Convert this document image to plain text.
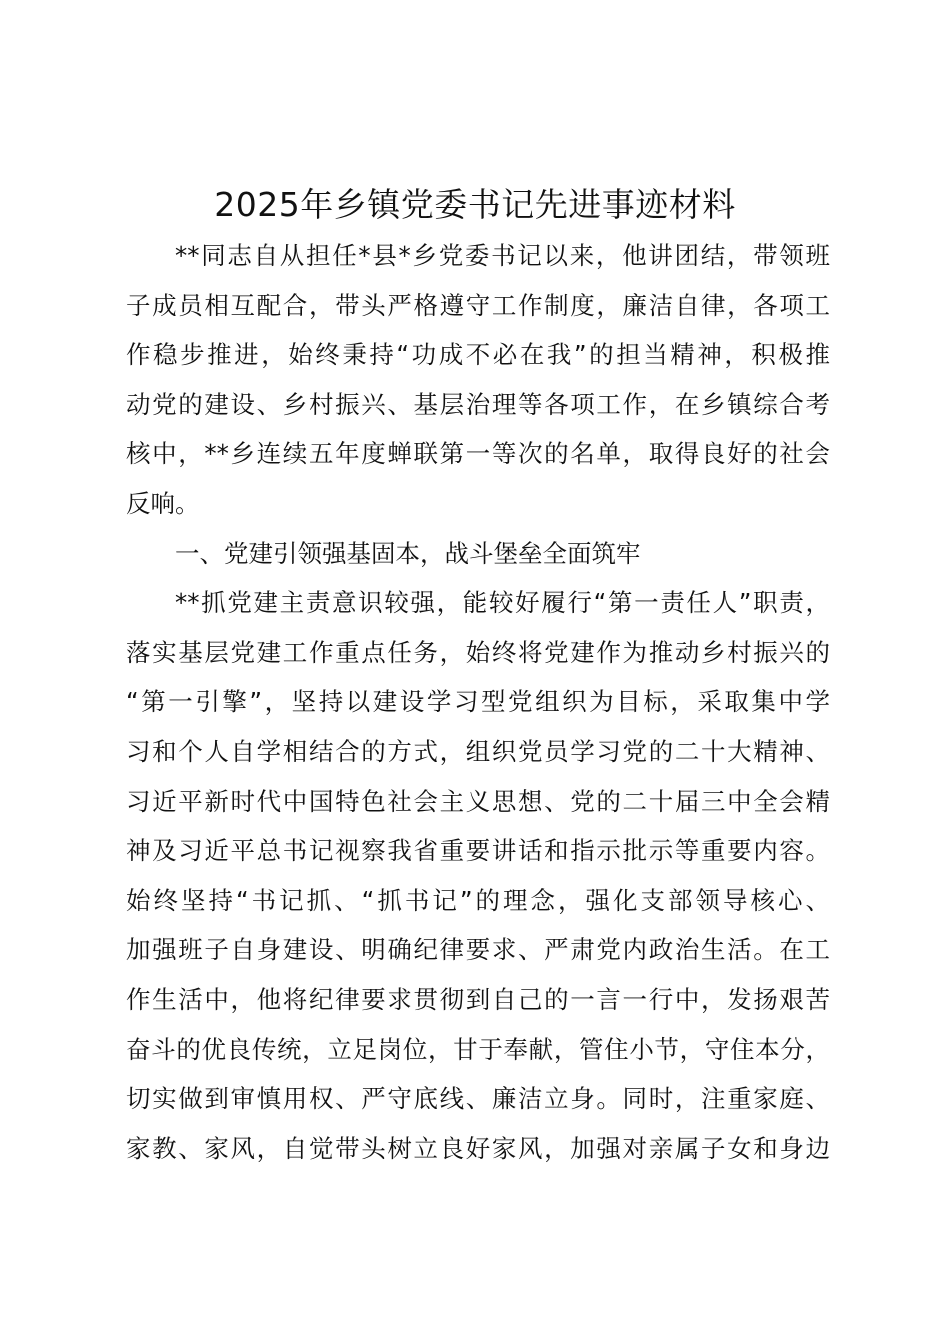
2025年乡镇党委书记先进事迹材料

**同志自从担任*县*乡党委书记以来，他讲团结，带领班
子成员相互配合，带头严格遵守工作制度，廉洁自律，各项工
作稳步推进，始终秉持“功成不必在我”的担当精神，积极推
动党的建设、乡村振兴、基层治理等各项工作，在乡镇综合考
核中，**乡连续五年度蝉联第一等次的名单，取得良好的社会
反响。

一、党建引领强基固本，战斗堡垒全面筑牢

**抓党建主责意识较强，能较好履行“第一责任人”职责，
落实基层党建工作重点任务，始终将党建作为推动乡村振兴的
“第一引擎”，坚持以建设学习型党组织为目标，采取集中学
习和个人自学相结合的方式，组织党员学习党的二十大精神、
习近平新时代中国特色社会主义思想、党的二十届三中全会精
神及习近平总书记视察我省重要讲话和指示批示等重要内容。
始终坚持“书记抓、“抓书记”的理念，强化支部领导核心、
加强班子自身建设、明确纪律要求、严肃党内政治生活。在工
作生活中，他将纪律要求贯彻到自己的一言一行中，发扬艰苦
奋斗的优良传统，立足岗位，甘于奉献，管住小节，守住本分，
切实做到审慎用权、严守底线、廉洁立身。同时，注重家庭、
家教、家风，自觉带头树立良好家风，加强对亲属子女和身边
